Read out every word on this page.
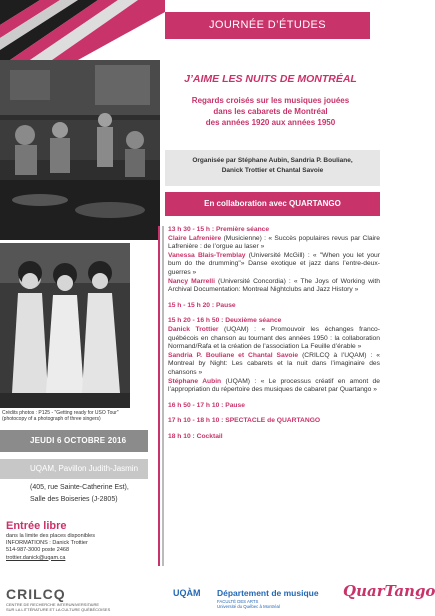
JOURNÉE D’ÉTUDES
Crédits photos : P125 - "Getting ready for USO Tour" (photocopy of a photograph of three singers)
J’AIME LES NUITS DE MONTRÉAL
Regards croisés sur les musiques jouées
dans les cabarets de Montréal
des années 1920 aux années 1950
Organisée par Stéphane Aubin, Sandria P. Bouliane,
Danick Trottier et Chantal Savoie
En collaboration avec QUARTANGO
13 h 30 - 15 h : Première séance
Claire Lafrenière (Musicienne) : « Succès populaires revus par Claire Lafrenière : de l’orgue au laser »
Vanessa Blais-Tremblay (Université McGill) : « "When you let your bum do the drumming"» Danse exotique et jazz dans l’entre-deux-guerres »
Nancy Marrelli (Université Concordia) : « The Joys of Working with Archival Documentation: Montreal Nightclubs and Jazz History »
15 h - 15 h 20 : Pause
15 h 20 - 16 h 50 : Deuxième séance
Danick Trottier (UQAM) : « Promouvoir les échanges franco-québécois en chanson au tournant des années 1950 : la collaboration Normand/Rafa et la création de l’association La Feuille d’érable »
Sandria P. Bouliane et Chantal Savoie (CRILCQ à l’UQAM) : « Montreal by Night: Les cabarets et la nuit dans l’imaginaire des chansons »
Stéphane Aubin (UQAM) : « Le processus créatif en amont de l’appropriation du répertoire des musiques de cabaret par Quartango »
16 h 50 - 17 h 10 : Pause
17 h 10 - 18 h 10 : SPECTACLE de QUARTANGO
18 h 10 : Cocktail
JEUDI 6 OCTOBRE 2016
UQAM, Pavillon Judith-Jasmin
(405, rue Sainte-Catherine Est),
Salle des Boiseries (J-2805)
Entrée libre
dans la limite des places disponibles
INFORMATIONS : Danick Trottier
514-987-3000 poste 2468
trottier.danick@uqam.ca
CRILCQ
CENTRE DE RECHERCHE INTERUNIVERSITAIRE
SUR LA LITTÉRATURE ET LA CULTURE QUÉBÉCOISES
UQÀM Département de musique
FACULTÉ DES ARTS
Université du Québec à Montréal
QuarTango
